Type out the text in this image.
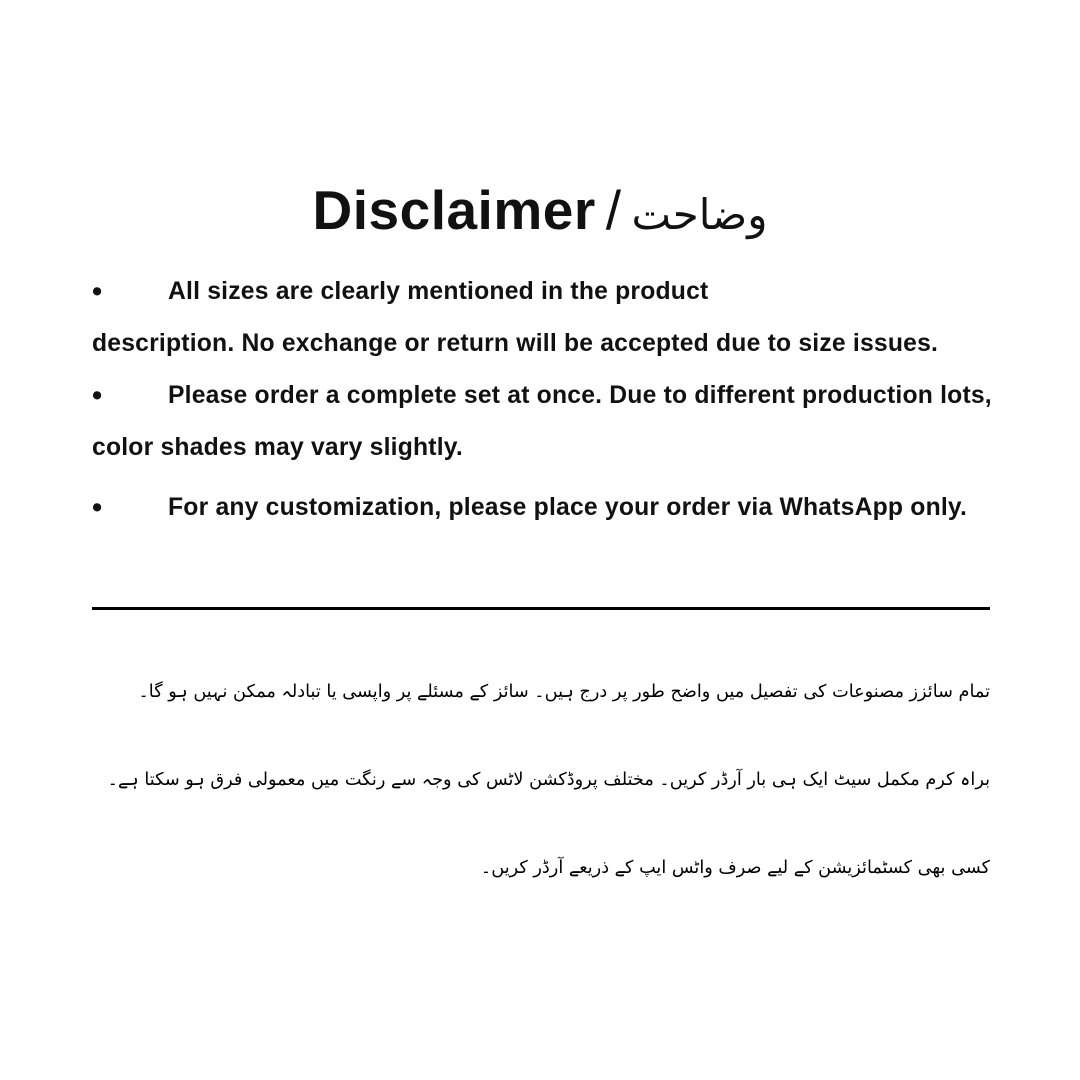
Disclaimer / وضاحت
•	All sizes are clearly mentioned in the product
description. No exchange or return will be accepted due to size issues.
•	Please order a complete set at once. Due to different production lots,
color shades may vary slightly.
•	For any customization, please place your order via WhatsApp only.
تمام سائزز مصنوعات کی تفصیل میں واضح طور پر درج ہیں۔ سائز کے مسئلے پر واپسی یا تبادلہ ممکن نہیں ہو گا۔
براہ کرم مکمل سیٹ ایک ہی بار آرڈر کریں۔ مختلف پروڈکشن لاٹس کی وجہ سے رنگت میں معمولی فرق ہو سکتا ہے۔
کسی بھی کسٹمائزیشن کے لیے صرف واٹس ایپ کے ذریعے آرڈر کریں۔
